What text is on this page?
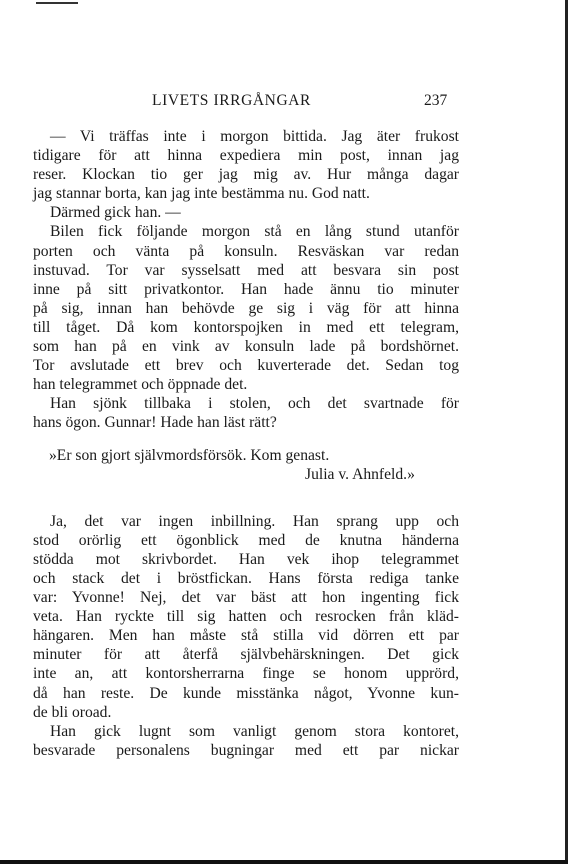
LIVETS IRRGÅNGAR	237
— Vi träffas inte i morgon bittida. Jag äter frukost
tidigare för att hinna expediera min post, innan jag
reser. Klockan tio ger jag mig av. Hur många dagar
jag stannar borta, kan jag inte bestämma nu. God natt.
Därmed gick han. —
Bilen fick följande morgon stå en lång stund utanför
porten och vänta på konsuln. Resväskan var redan
instuvad. Tor var sysselsatt med att besvara sin post
inne på sitt privatkontor. Han hade ännu tio minuter
på sig, innan han behövde ge sig i väg för att hinna
till tåget. Då kom kontorspojken in med ett telegram,
som han på en vink av konsuln lade på bordshörnet.
Tor avslutade ett brev och kuverterade det. Sedan tog
han telegrammet och öppnade det.
Han sjönk tillbaka i stolen, och det svartnade för
hans ögon. Gunnar! Hade han läst rätt?
»Er son gjort självmordsförsök. Kom genast.
Julia v. Ahnfeld.»
Ja, det var ingen inbillning. Han sprang upp och
stod orörlig ett ögonblick med de knutna händerna
stödda mot skrivbordet. Han vek ihop telegrammet
och stack det i bröstfickan. Hans första rediga tanke
var: Yvonne! Nej, det var bäst att hon ingenting fick
veta. Han ryckte till sig hatten och resrocken från kläd-
hängaren. Men han måste stå stilla vid dörren ett par
minuter för att återfå självbehärskningen. Det gick
inte an, att kontorsherrarna finge se honom upprörd,
då han reste. De kunde misstänka något, Yvonne kun-
de bli oroad.
Han gick lugnt som vanligt genom stora kontoret,
besvarade personalens bugningar med ett par nickar
